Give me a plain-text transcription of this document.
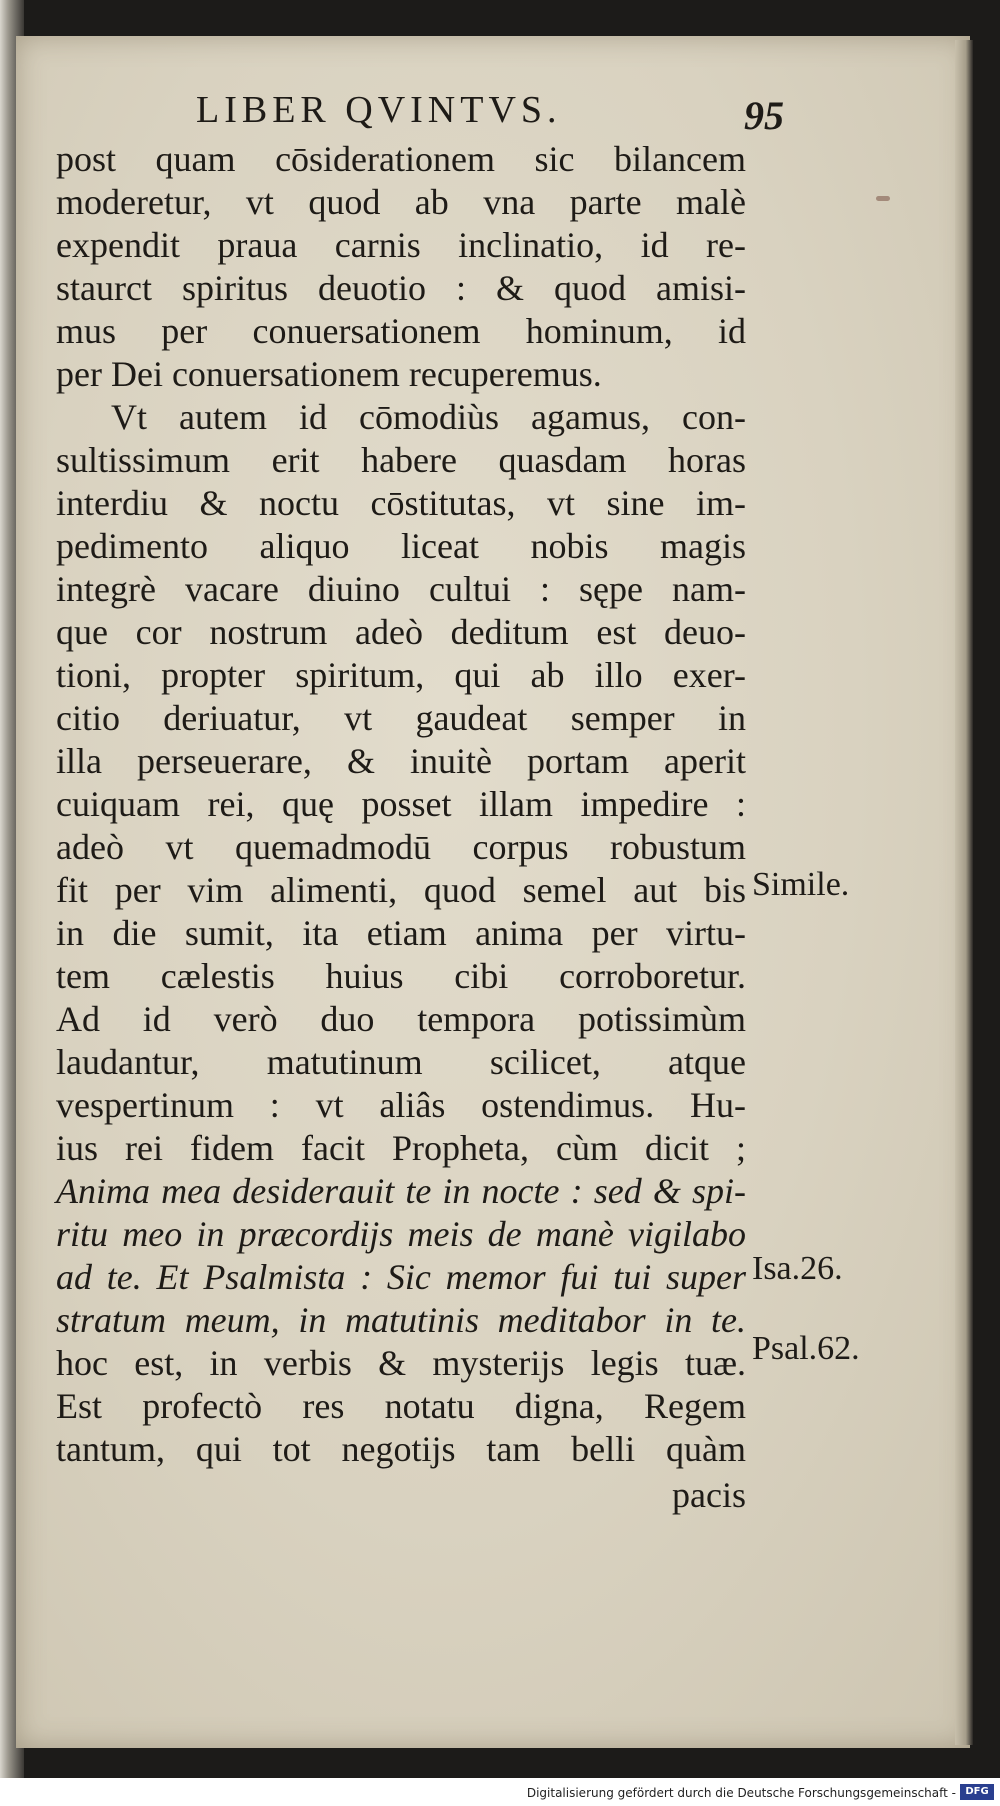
LIBER QVINTVS.	95
post quam cōsiderationem sic bilancem
moderetur, vt quod ab vna parte malè
expendit praua carnis inclinatio, id re-
staurct spiritus deuotio : & quod amisi-
mus per conuersationem hominum, id
per Dei conuersationem recuperemus.
Vt autem id cōmodiùs agamus, con-
sultissimum erit habere quasdam horas
interdiu & noctu cōstitutas, vt sine im-
pedimento aliquo liceat nobis magis
integrè vacare diuino cultui : sępe nam-
que cor nostrum adeò deditum est deuo-
tioni, propter spiritum, qui ab illo exer-
citio deriuatur, vt gaudeat semper in
illa perseuerare, & inuitè portam aperit
cuiquam rei, quę posset illam impedire :
adeò vt quemadmodū corpus robustum
fit per vim alimenti, quod semel aut bis
in die sumit, ita etiam anima per virtu-
tem cælestis huius cibi corroboretur.
Ad id verò duo tempora potissimùm
laudantur, matutinum scilicet, atque
vespertinum : vt aliâs ostendimus. Hu-
ius rei fidem facit Propheta, cùm dicit ;
Anima mea desiderauit te in nocte : sed & spi-
ritu meo in præcordijs meis de manè vigilabo
ad te. Et Psalmista : Sic memor fui tui super
stratum meum, in matutinis meditabor in te.
hoc est, in verbis & mysterijs legis tuæ.
Est profectò res notatu digna, Regem
tantum, qui tot negotijs tam belli quàm
pacis
Simile.
Isa.26.
Psal.62.
Digitalisierung gefördert durch die Deutsche Forschungsgemeinschaft - DFG
